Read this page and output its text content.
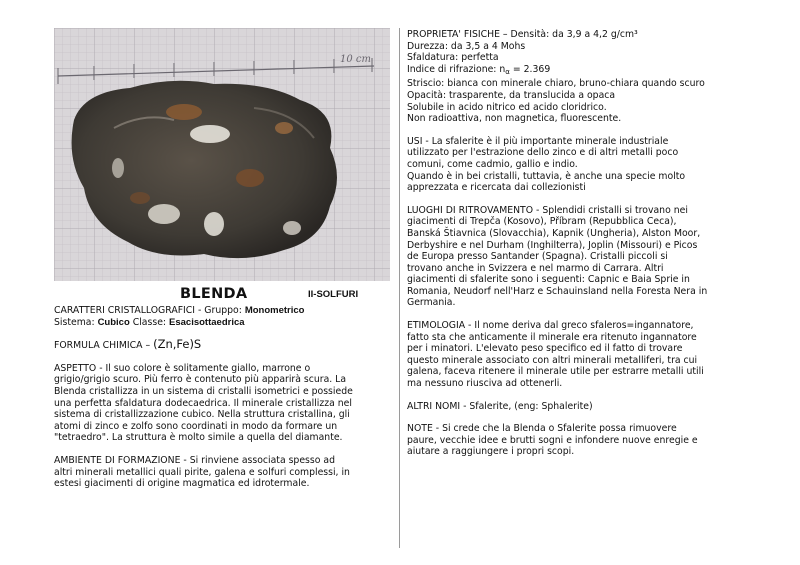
10 cm
BLENDA	II-SOLFURI
CARATTERI CRISTALLOGRAFICI - Gruppo: Monometrico
Sistema: Cubico Classe: Esacisottaedrica
FORMULA CHIMICA – (Zn,Fe)S
ASPETTO - Il suo colore è solitamente giallo, marrone o
grigio/grigio scuro. Più ferro è contenuto più apparirà scura. La
Blenda cristallizza in un sistema di cristalli isometrici e possiede
una perfetta sfaldatura dodecaedrica. Il minerale cristallizza nel
sistema di cristallizzazione cubico. Nella struttura cristallina, gli
atomi di zinco e zolfo sono coordinati in modo da formare un
"tetraedro". La struttura è molto simile a quella del diamante.
AMBIENTE DI FORMAZIONE - Si rinviene associata spesso ad
altri minerali metallici quali pirite, galena e solfuri complessi, in
estesi giacimenti di origine magmatica ed idrotermale.
PROPRIETA' FISICHE – Densità: da 3,9 a 4,2 g/cm³
Durezza: da 3,5 a 4 Mohs
Sfaldatura: perfetta
Indice di rifrazione: $n_\alpha = 2.369$
Striscio: bianca con minerale chiaro, bruno-chiara quando scuro
Opacità: trasparente, da translucida a opaca
Solubile in acido nitrico ed acido cloridrico.
Non radioattiva, non magnetica, fluorescente.
USI - La sfalerite è il più importante minerale industriale
utilizzato per l'estrazione dello zinco e di altri metalli poco
comuni, come cadmio, gallio e indio.
Quando è in bei cristalli, tuttavia, è anche una specie molto
apprezzata e ricercata dai collezionisti
LUOGHI DI RITROVAMENTO - Splendidi cristalli si trovano nei
giacimenti di Trepča (Kosovo), Příbram (Repubblica Ceca),
Banská Štiavnica (Slovacchia), Kapnik (Ungheria), Alston Moor,
Derbyshire e nel Durham (Inghilterra), Joplin (Missouri) e Picos
de Europa presso Santander (Spagna). Cristalli piccoli si
trovano anche in Svizzera e nel marmo di Carrara. Altri
giacimenti di sfalerite sono i seguenti: Capnic e Baia Sprie in
Romania, Neudorf nell'Harz e Schauinsland nella Foresta Nera in
Germania.
ETIMOLOGIA - Il nome deriva dal greco sfaleros=ingannatore,
fatto sta che anticamente il minerale era ritenuto ingannatore
per i minatori. L'elevato peso specifico ed il fatto di trovare
questo minerale associato con altri minerali metalliferi, tra cui
galena, faceva ritenere il minerale utile per estrarre metalli utili
ma nessuno riusciva ad ottenerli.
ALTRI NOMI - Sfalerite, (eng: Sphalerite)
NOTE - Si crede che la Blenda o Sfalerite possa rimuovere
paure, vecchie idee e brutti sogni e infondere nuove enregie e
aiutare a raggiungere i propri scopi.
